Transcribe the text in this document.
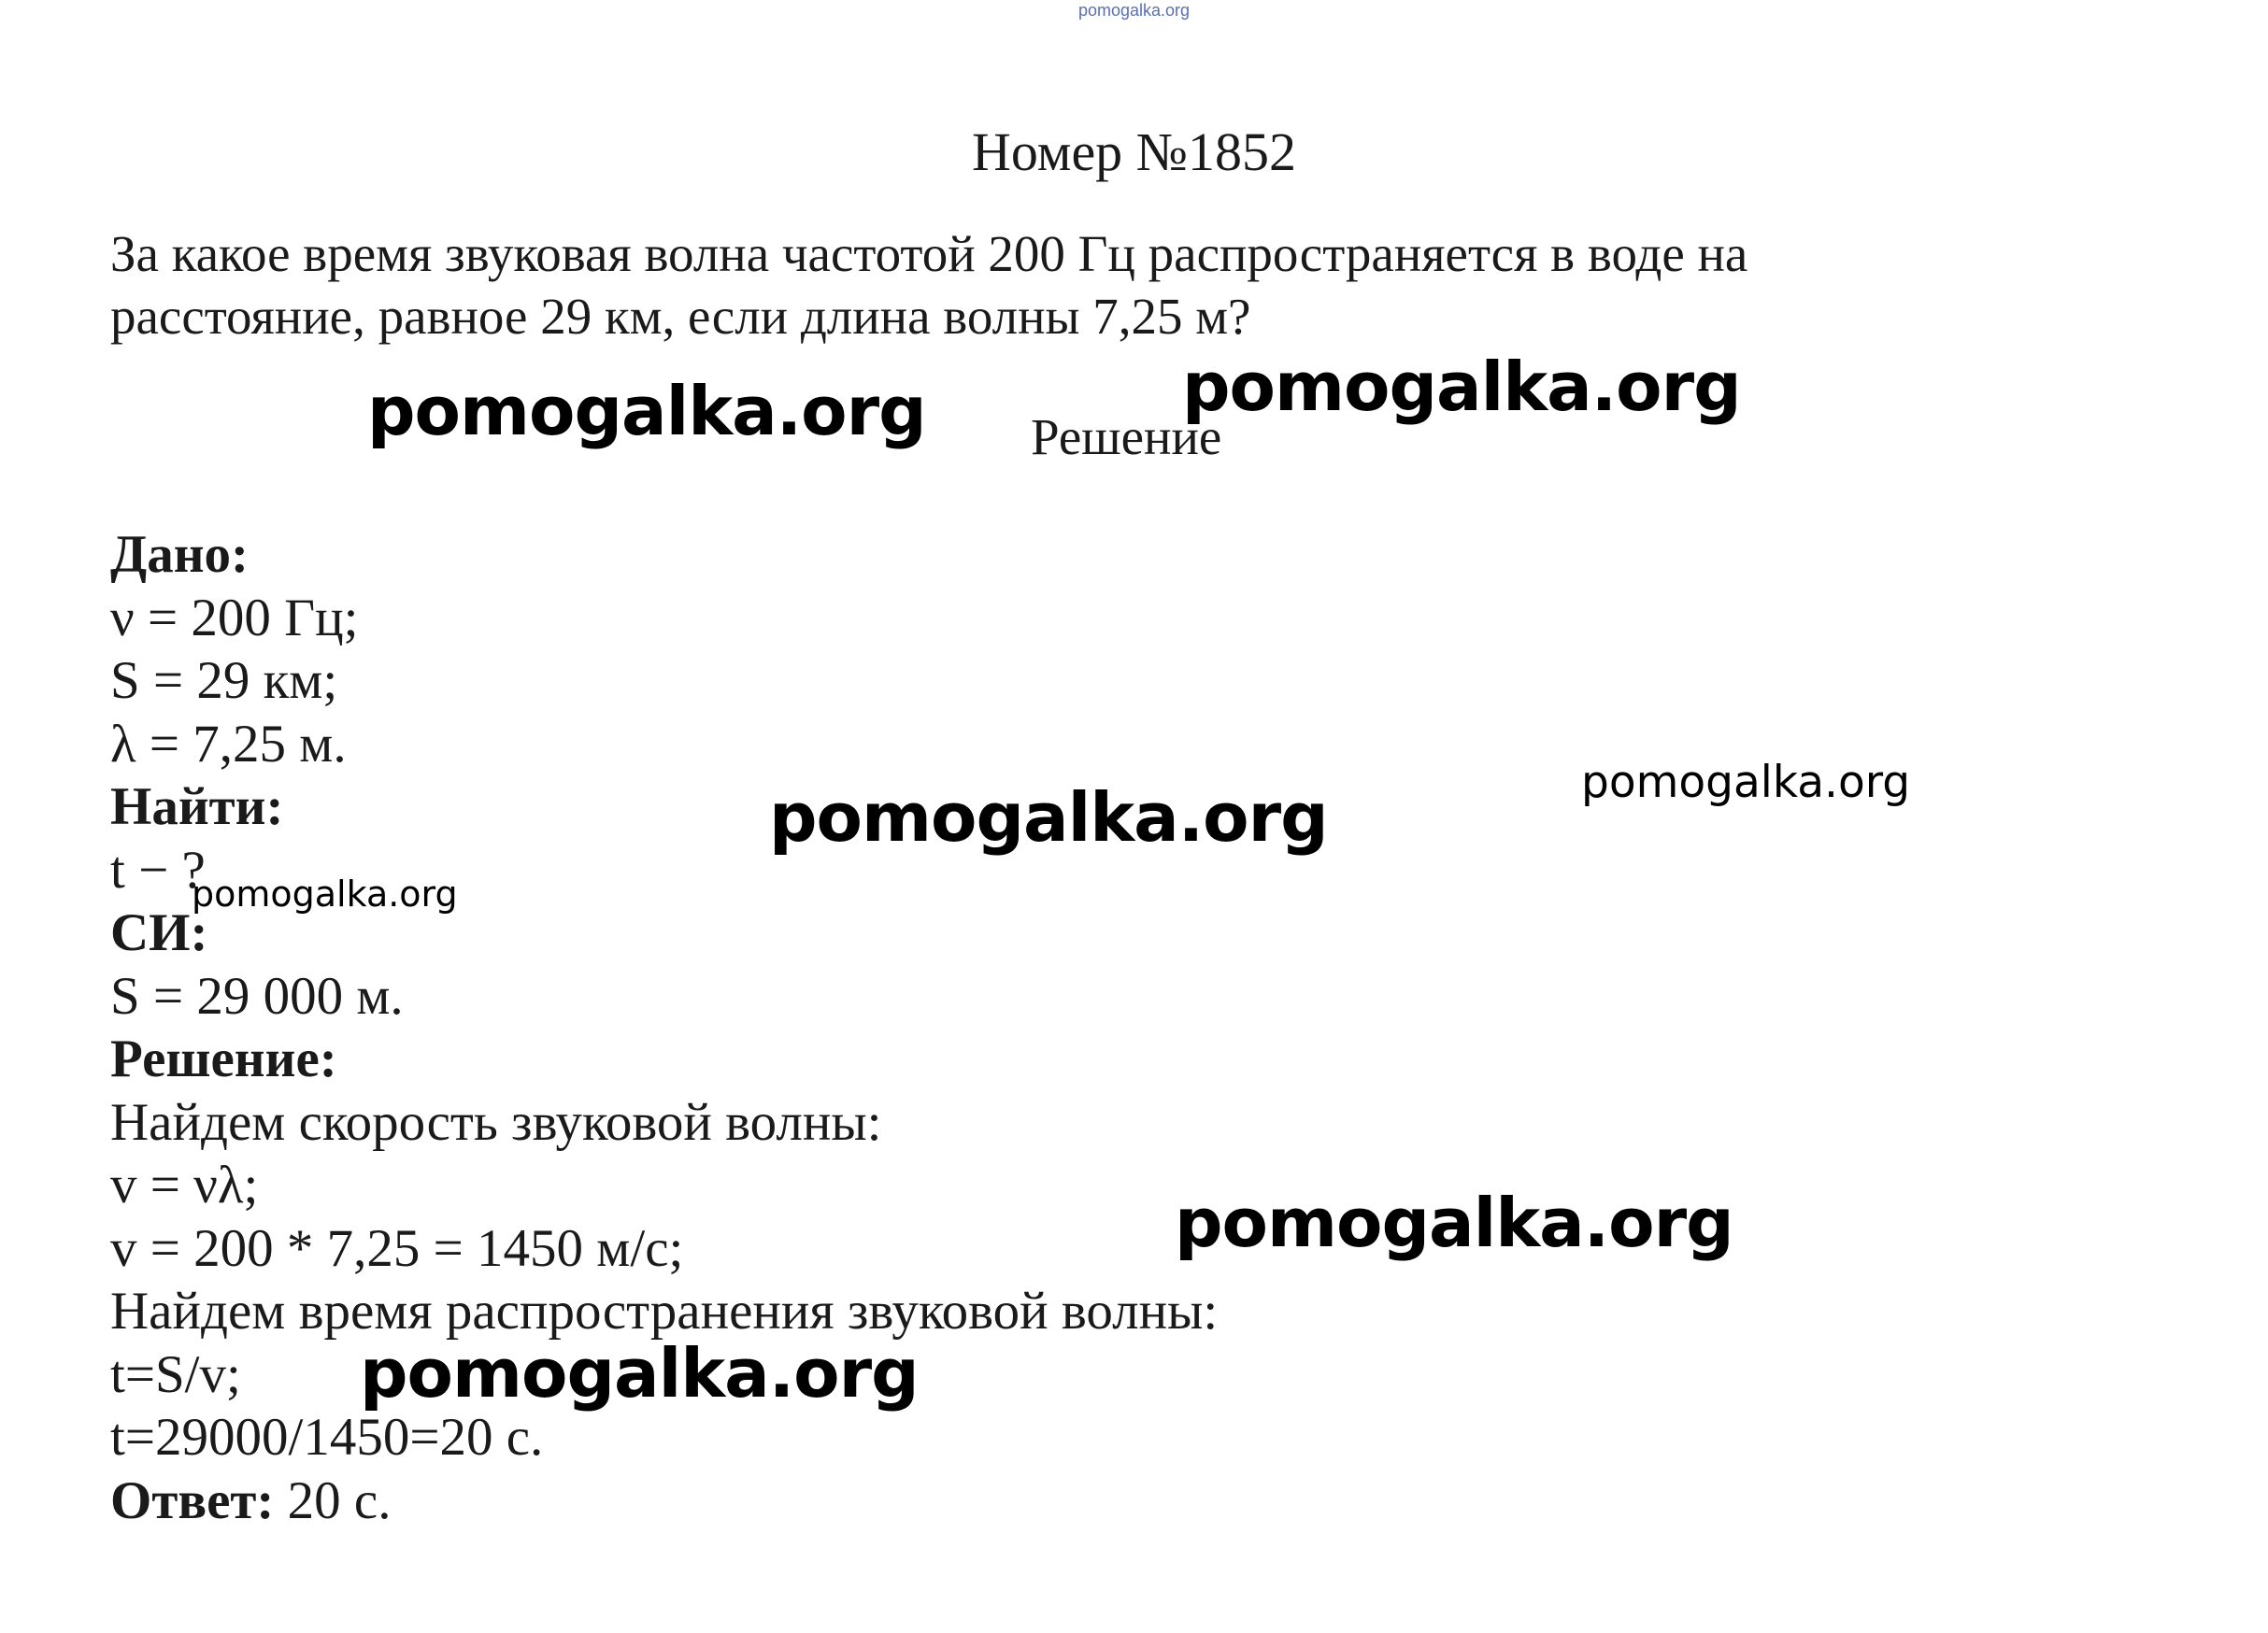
pomogalka.org
Номер №1852
За какое время звуковая волна частотой 200 Гц распространяется в воде на
расстояние, равное 29 км, если длина волны 7,25 м?
Решение
Дано:
ν = 200 Гц;
S = 29 км;
λ = 7,25 м.
Найти:
t − ?
СИ:
S = 29 000 м.
Решение:
Найдем скорость звуковой волны:
v = νλ;
v = 200 * 7,25 = 1450 м/с;
Найдем время распространения звуковой волны:
t=S/v;
t=29000/1450=20 с.
Ответ: 20 с.
pomogalka.org	pomogalka.org
pomogalka.org
pomogalka.org
pomogalka.org
pomogalka.org
pomogalka.org
